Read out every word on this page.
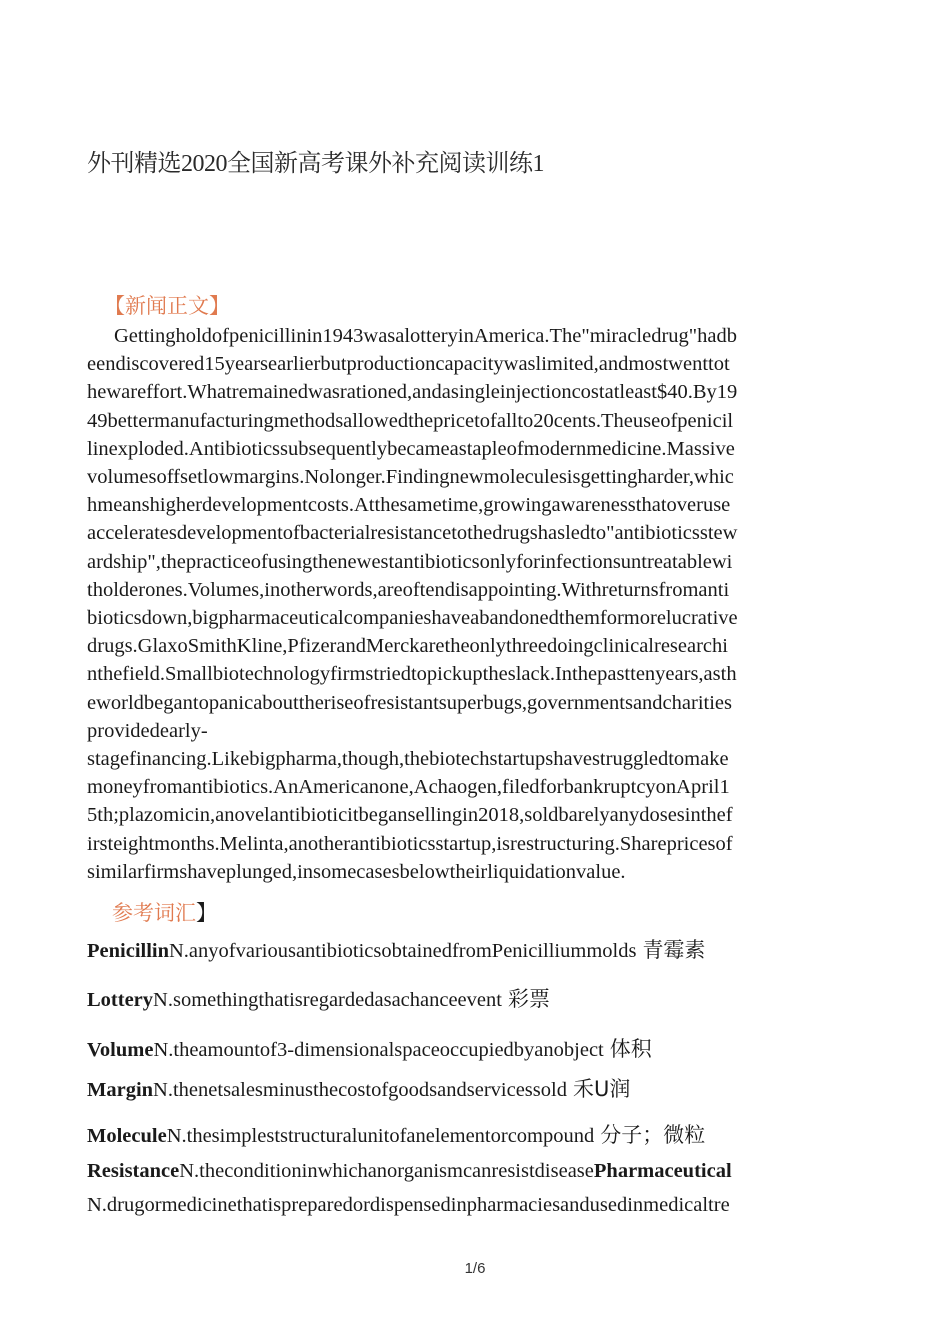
外刊精选2020全国新高考课外补充阅读训练1
【新闻正文】
Gettingholdofpenicillinin1943wasalotteryinAmerica.The"miracledrug"hadb
eendiscovered15yearsearlierbutproductioncapacitywaslimited,andmostwenttot
hewareffort.Whatremainedwasrationed,andasingleinjectioncostatleast$40.By19
49bettermanufacturingmethodsallowedthepricetofallto20cents.Theuseofpenicil
linexploded.Antibioticssubsequentlybecameastapleofmodernmedicine.Massive
volumesoffsetlowmargins.Nolonger.Findingnewmoleculesisgettingharder,whic
hmeanshigherdevelopmentcosts.Atthesametime,growingawarenessthatoveruse
acceleratesdevelopmentofbacterialresistancetothedrugshasledto"antibioticsstew
ardship",thepracticeofusingthenewestantibioticsonlyforinfectionsuntreatablewi
tholderones.Volumes,inotherwords,areoftendisappointing.Withreturnsfromanti
bioticsdown,bigpharmaceuticalcompanieshaveabandonedthemformorelucrative
drugs.GlaxoSmithKline,PfizerandMerckaretheonlythreedoingclinicalresearchi
nthefield.Smallbiotechnologyfirmstriedtopickuptheslack.Inthepasttenyears,asth
eworldbegantopanicabouttheriseofresistantsuperbugs,governmentsandcharities
providedearly-
stagefinancing.Likebigpharma,though,thebiotechstartupshavestruggledtomake
moneyfromantibiotics.AnAmericanone,Achaogen,filedforbankruptcyonApril1
5th;plazomicin,anovelantibioticitbegansellingin2018,soldbarelyanydosesinthef
irsteightmonths.Melinta,anotherantibioticsstartup,isrestructuring.Sharepricesof
similarfirmshaveplunged,insomecasesbelowtheirliquidationvalue.
参考词汇】
PenicillinN.anyofvariousantibioticsobtainedfromPenicilliummolds 青霉素
LotteryN.somethingthatisregardedasachanceevent 彩票
VolumeN.theamountof3-dimensionalspaceoccupiedbyanobject 体积
MarginN.thenetsalesminusthecostofgoodsandservicessold 禾U润
MoleculeN.thesimpleststructuralunitofanelementorcompound 分子；微粒
ResistanceN.theconditioninwhichanorganismcanresistdiseasePharmaceutical
N.drugormedicinethatispreparedordispensedinpharmaciesandusedinmedicaltre
1/6
